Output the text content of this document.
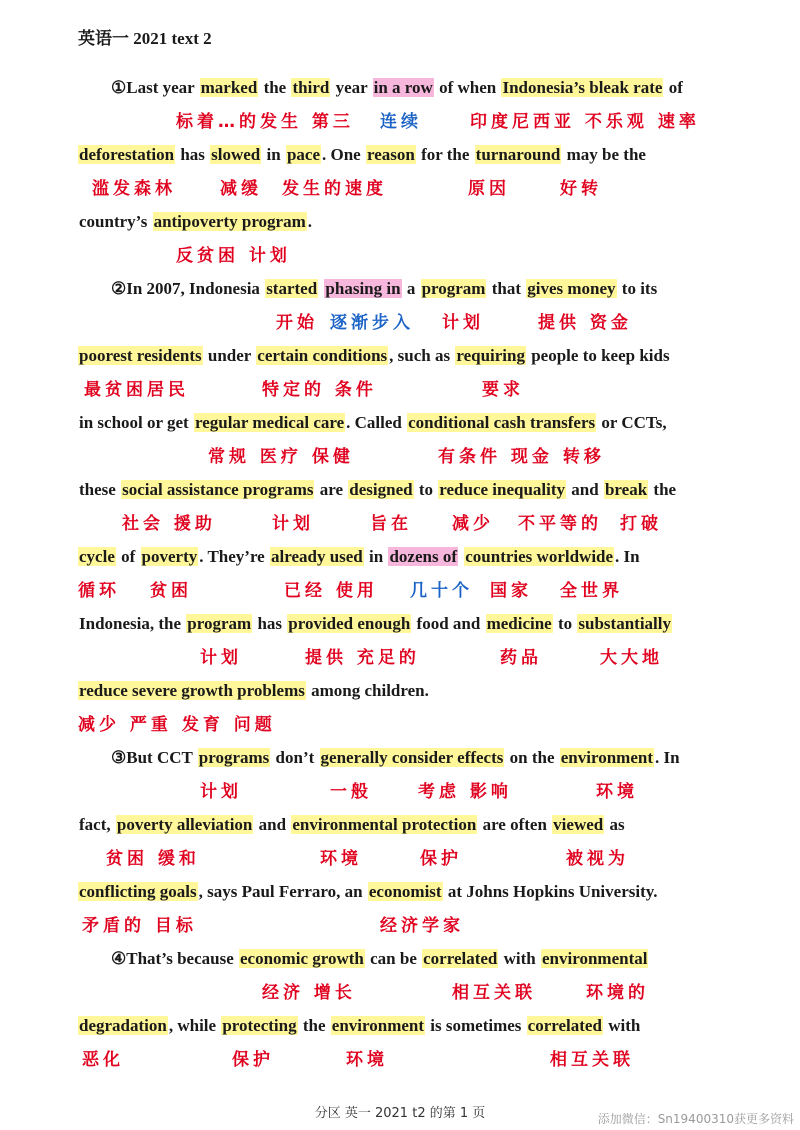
英语一 2021 text 2
①Last year marked the third year in a row of when Indonesia’s bleak rate of
标着…的发生 第三 连续	印度尼西亚 不乐观 速率
deforestation has slowed in pace . One reason for the turnaround may be the
滥发森林	减缓 发生的速度	原因	好转
country’s antipoverty program .
反贫困 计划
②In 2007, Indonesia started phasing in a program that gives money to its
开始 逐渐步入 计划	提供 资金
poorest residents under certain conditions , such as requiring people to keep kids
最贫困居民	特定的 条件	要求
in school or get regular medical care . Called conditional cash transfers or CCTs,
常规 医疗 保健	有条件 现金 转移
these social assistance programs are designed to reduce inequality and break the
社会 援助	计划	旨在 减少 不平等的 打破
cycle of poverty . They’re already used in dozens of countries worldwide . In
循环 贫困	已经 使用 几十个 国家 全世界
Indonesia, the program has provided enough food and medicine to substantially
计划	提供 充足的	药品	大大地
reduce severe growth problems among children.
减少 严重 发育 问题
③But CCT programs don’t generally consider effects on the environment . In
计划	一般	考虑 影响	环境
fact, poverty alleviation and environmental protection are often viewed as
贫困 缓和	环境	保护	被视为
conflicting goals , says Paul Ferraro, an economist at Johns Hopkins University.
矛盾的 目标	经济学家
④That’s because economic growth can be correlated with environmental
经济 增长	相互关联	环境的
degradation , while protecting the environment is sometimes correlated with
恶化	保护	环境	相互关联
分区 英一 2021 t2 的第 1 页	添加微信：Sn19400310获更多资料
